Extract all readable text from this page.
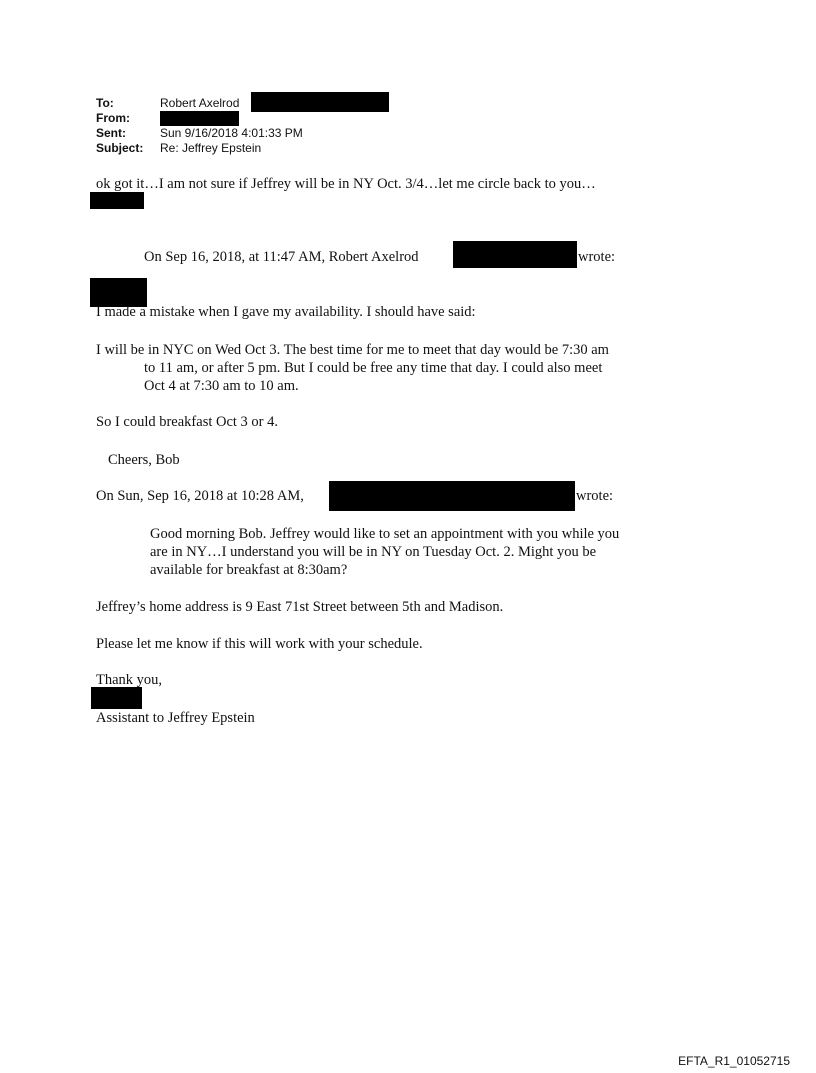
To:	Robert Axelrod
From:
Sent:	Sun 9/16/2018 4:01:33 PM
Subject: Re: Jeffrey Epstein
ok got it…I am not sure if Jeffrey will be in NY Oct. 3/4…let me circle back to you…
On Sep 16, 2018, at 11:47 AM, Robert Axelrod	wrote:
I made a mistake when I gave my availability. I should have said:
I will be in NYC on Wed Oct 3. The best time for me to meet that day would be 7:30 am
to 11 am, or after 5 pm. But I could be free any time that day. I could also meet
Oct 4 at 7:30 am to 10 am.
So I could breakfast Oct 3 or 4.
Cheers, Bob
On Sun, Sep 16, 2018 at 10:28 AM,	wrote:
Good morning Bob. Jeffrey would like to set an appointment with you while you
are in NY…I understand you will be in NY on Tuesday Oct. 2. Might you be
available for breakfast at 8:30am?
Jeffrey’s home address is 9 East 71st Street between 5th and Madison.
Please let me know if this will work with your schedule.
Thank you,
Assistant to Jeffrey Epstein
EFTA_R1_01052715
